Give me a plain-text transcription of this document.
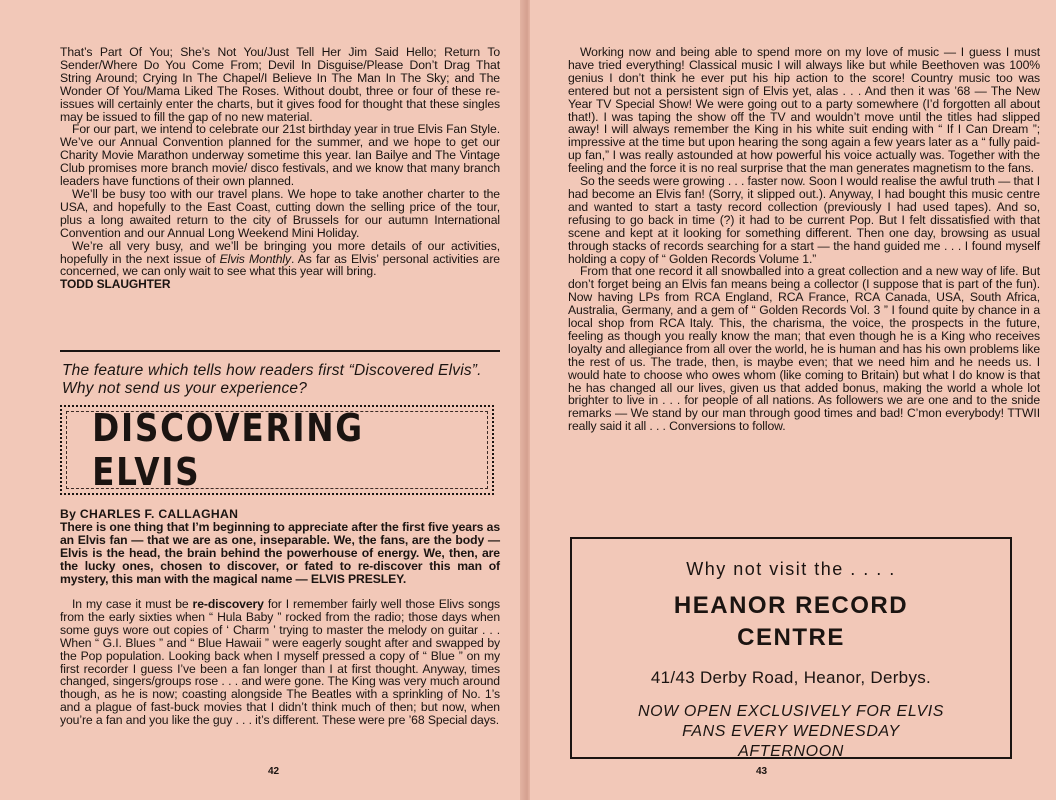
That’s Part Of You; She’s Not You/Just Tell Her Jim Said Hello; Return To Sender/Where Do You Come From; Devil In Disguise/Please Don’t Drag That String Around; Crying In The Chapel/I Believe In The Man In The Sky; and The Wonder Of You/Mama Liked The Roses. Without doubt, three or four of these re-issues will certainly enter the charts, but it gives food for thought that these singles may be issued to fill the gap of no new material.

For our part, we intend to celebrate our 21st birthday year in true Elvis Fan Style. We’ve our Annual Convention planned for the summer, and we hope to get our Charity Movie Marathon underway sometime this year. Ian Bailye and The Vintage Club promises more branch movie/ disco festivals, and we know that many branch leaders have functions of their own planned.

We’ll be busy too with our travel plans. We hope to take another charter to the USA, and hopefully to the East Coast, cutting down the selling price of the tour, plus a long awaited return to the city of Brussels for our autumn International Convention and our Annual Long Weekend Mini Holiday.

We’re all very busy, and we’ll be bringing you more details of our activities, hopefully in the next issue of Elvis Monthly. As far as Elvis’ personal activities are concerned, we can only wait to see what this year will bring.

TODD SLAUGHTER

The feature which tells how readers first “Discovered Elvis”. Why not send us your experience?
DISCOVERING ELVIS

By CHARLES F. CALLAGHAN

There is one thing that I’m beginning to appreciate after the first five years as an Elvis fan — that we are as one, inseparable. We, the fans, are the body — Elvis is the head, the brain behind the powerhouse of energy. We, then, are the lucky ones, chosen to discover, or fated to re-discover this man of mystery, this man with the magical name — ELVIS PRESLEY.

In my case it must be re-discovery for I remember fairly well those Elivs songs from the early sixties when “ Hula Baby ” rocked from the radio; those days when some guys wore out copies of ‘ Charm ’ trying to master the melody on guitar . . . When “ G.I. Blues ” and “ Blue Hawaii ” were eagerly sought after and swapped by the Pop population. Looking back when I myself pressed a copy of “ Blue ” on my first recorder I guess I’ve been a fan longer than I at first thought. Anyway, times changed, singers/groups rose . . . and were gone. The King was very much around though, as he is now; coasting alongside The Beatles with a sprinkling of No. 1’s and a plague of fast-buck movies that I didn’t think much of then; but now, when you’re a fan and you like the guy . . . it’s different. These were pre ’68 Special days.

42

Working now and being able to spend more on my love of music — I guess I must have tried everything! Classical music I will always like but while Beethoven was 100% genius I don’t think he ever put his hip action to the score! Country music too was entered but not a persistent sign of Elvis yet, alas . . . And then it was ’68 — The New Year TV Special Show! We were going out to a party somewhere (I’d forgotten all about that!). I was taping the show off the TV and wouldn’t move until the titles had slipped away! I will always remember the King in his white suit ending with “ If I Can Dream ”; impressive at the time but upon hearing the song again a few years later as a “ fully paid-up fan,” I was really astounded at how powerful his voice actually was. Together with the feeling and the force it is no real surprise that the man generates magnetism to the fans.

So the seeds were growing . . . faster now. Soon I would realise the awful truth — that I had become an Elvis fan! (Sorry, it slipped out.). Anyway, I had bought this music centre and wanted to start a tasty record collection (previously I had used tapes). And so, refusing to go back in time (?) it had to be current Pop. But I felt dissatisfied with that scene and kept at it looking for something different. Then one day, browsing as usual through stacks of records searching for a start — the hand guided me . . . I found myself holding a copy of “ Golden Records Volume 1.”

From that one record it all snowballed into a great collection and a new way of life. But don’t forget being an Elvis fan means being a collector (I suppose that is part of the fun). Now having LPs from RCA England, RCA France, RCA Canada, USA, South Africa, Australia, Germany, and a gem of “ Golden Records Vol. 3 ” I found quite by chance in a local shop from RCA Italy. This, the charisma, the voice, the prospects in the future, feeling as though you really know the man; that even though he is a King who receives loyalty and allegiance from all over the world, he is human and has his own problems like the rest of us. The trade, then, is maybe even; that we need him and he needs us. I would hate to choose who owes whom (like coming to Britain) but what I do know is that he has changed all our lives, given us that added bonus, making the world a whole lot brighter to live in . . . for people of all nations. As followers we are one and to the snide remarks — We stand by our man through good times and bad! C’mon everybody! TTWII really said it all . . . Conversions to follow.

43
Why not visit the . . . .
HEANOR RECORD
CENTRE
41/43 Derby Road, Heanor, Derbys.
NOW OPEN EXCLUSIVELY FOR ELVIS
FANS EVERY WEDNESDAY
AFTERNOON
